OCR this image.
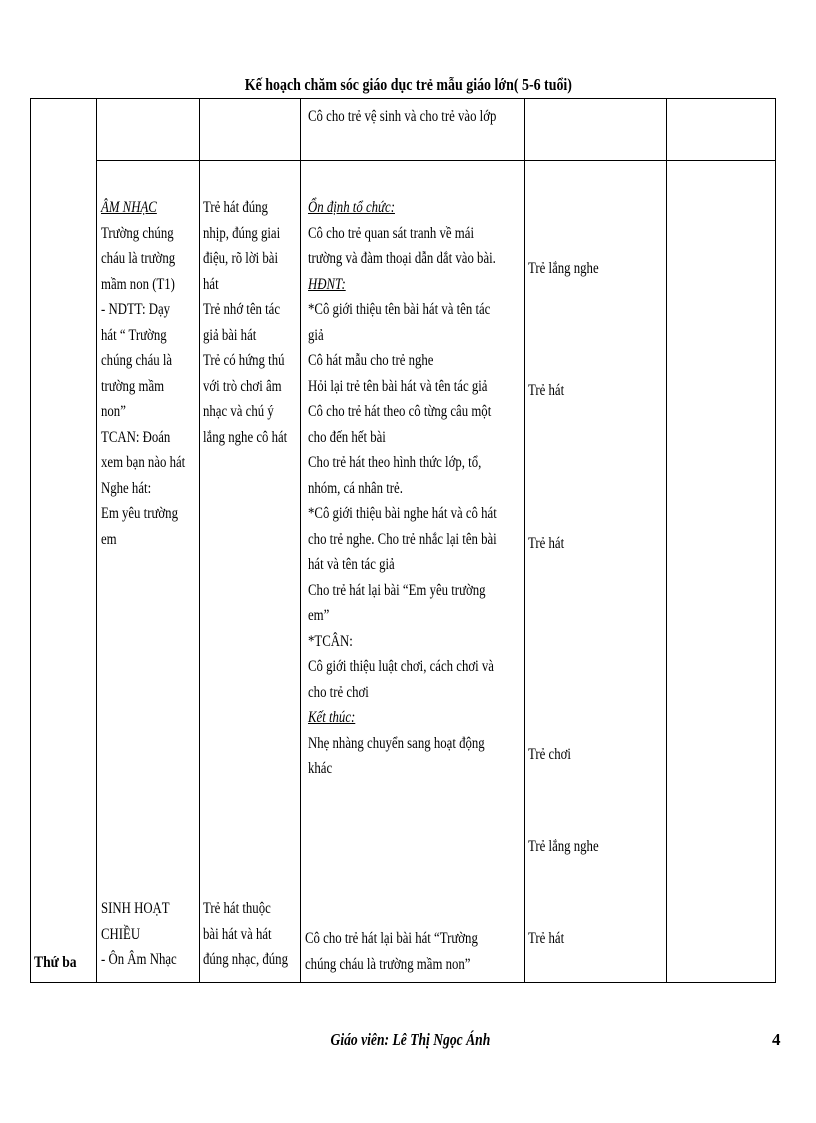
Kế hoạch chăm sóc giáo dục trẻ mẫu giáo lớn( 5-6 tuổi)
Cô cho trẻ vệ sinh và cho trẻ vào lớp
ÂM NHẠC
Trường chúng
cháu là trường
mầm non (T1)
- NDTT: Dạy
hát “ Trường
chúng cháu là
trường mầm
non”
TCAN: Đoán
xem bạn nào hát
Nghe hát:
Em yêu trường
em
Trẻ hát đúng
nhịp, đúng giai
điệu, rõ lời bài
hát
Trẻ nhớ tên tác
giả bài hát
Trẻ có hứng thú
với trò chơi âm
nhạc và chú ý
lắng nghe cô hát
Ổn định tổ chức:
Cô cho trẻ quan sát tranh về mái
trường và đàm thoại dẫn dắt vào bài.
HĐNT:
*Cô giới thiệu tên bài hát và tên tác
giả
Cô hát mẫu cho trẻ nghe
Hỏi lại trẻ tên bài hát và tên tác giả
Cô cho trẻ hát theo cô từng câu một
cho đến hết bài
Cho trẻ hát theo hình thức lớp, tổ,
nhóm, cá nhân trẻ.
*Cô giới thiệu bài nghe hát và cô hát
cho trẻ nghe. Cho trẻ nhắc lại tên bài
hát và tên tác giả
Cho trẻ hát lại bài “Em yêu trường
em”
*TCÂN:
Cô giới thiệu luật chơi, cách chơi và
cho trẻ chơi
Kết thúc:
Nhẹ nhàng chuyển sang hoạt động
khác
Trẻ lắng nghe
Trẻ hát
Trẻ hát
Trẻ chơi
Trẻ lắng nghe
SINH HOẠT
CHIỀU
- Ôn Âm Nhạc
Trẻ hát thuộc
bài hát và hát
đúng nhạc, đúng
Cô cho trẻ hát lại bài hát “Trường
chúng cháu là trường mầm non”
Trẻ hát
Thứ ba
Giáo viên: Lê Thị Ngọc Ánh	4
